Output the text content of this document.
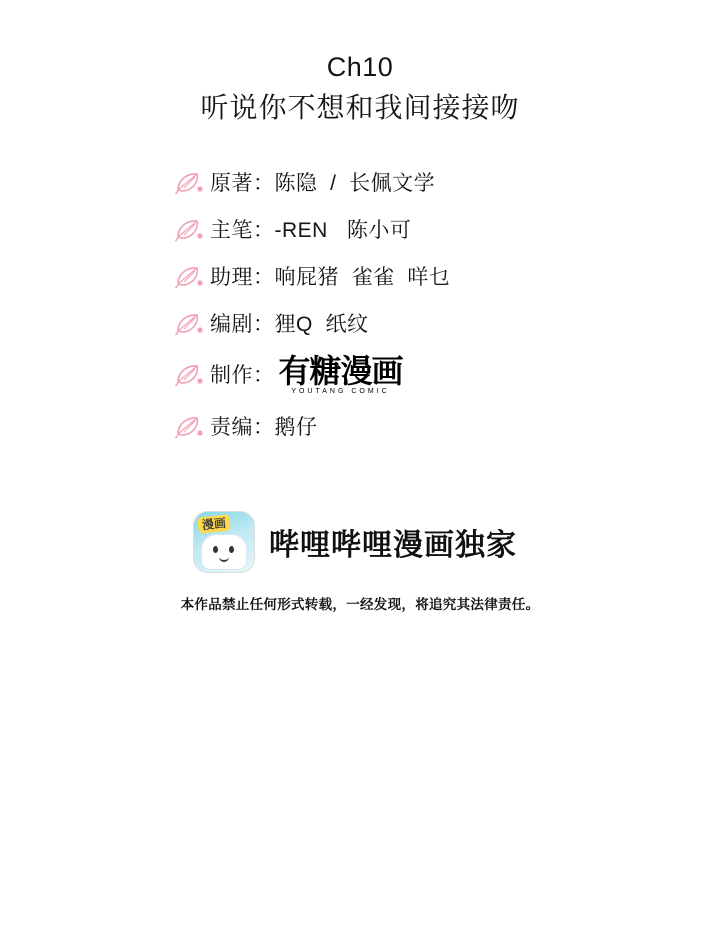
Ch10
听说你不想和我间接接吻
原著： 陈隐  /  长佩文学
主笔： -REN   陈小可
助理： 响屁猪  雀雀  咩乜
编剧： 狸Q  纸纹
制作： 有糖漫画
YOUTANG COMIC
责编： 鹅仔
漫画
哔哩哔哩漫画独家
本作品禁止任何形式转载，一经发现，将追究其法律责任。
